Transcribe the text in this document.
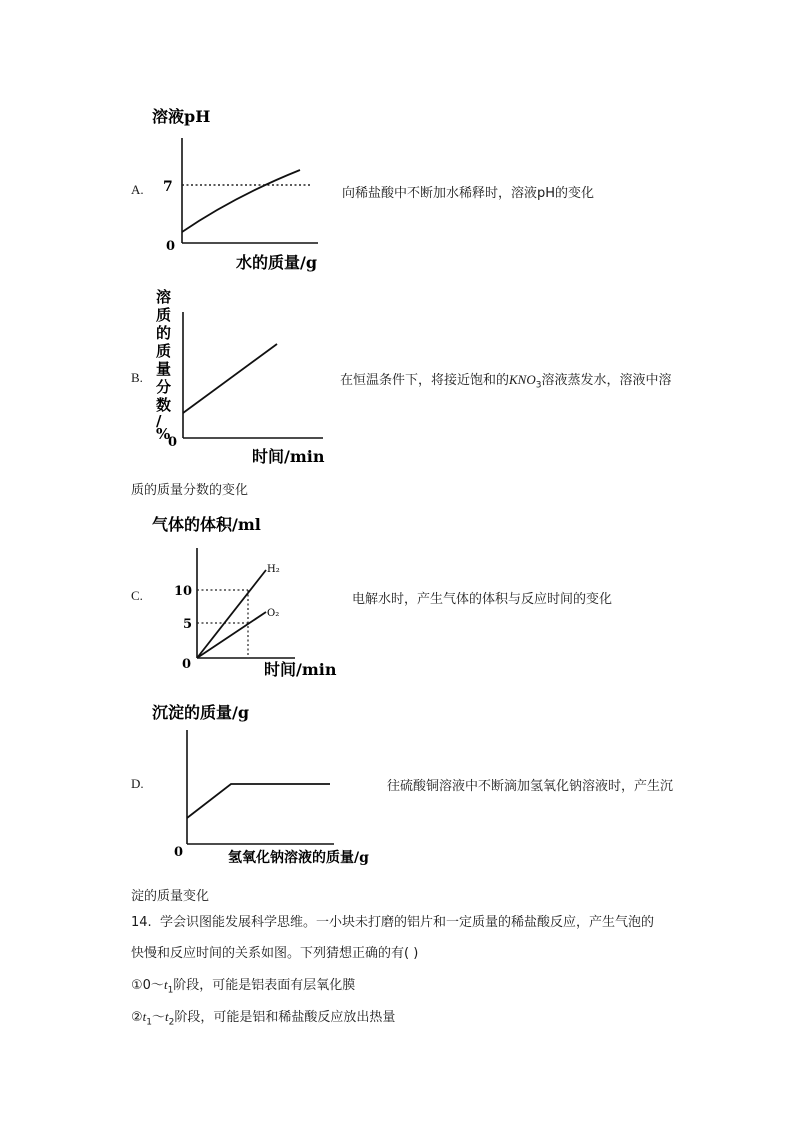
A.
溶液pH
7
0
水的质量/g
向稀盐酸中不断加水稀释时，溶液pH的变化
B.
溶
质
的
质
量
分
数
/
%
0
时间/min
在恒温条件下，将接近饱和的$KNO_3$溶液蒸发水，溶液中溶
质的质量分数的变化
C.
气体的体积/ml
10
5
0
H₂
O₂
时间/min
电解水时，产生气体的体积与反应时间的变化
D.
沉淀的质量/g
0	氢氧化钠溶液的质量/g
往硫酸铜溶液中不断滴加氢氧化钠溶液时，产生沉
淀的质量变化
14. 学会识图能发展科学思维。一小块未打磨的铝片和一定质量的稀盐酸反应，产生气泡的
快慢和反应时间的关系如图。下列猜想正确的有( )
$①0\sim t_1$阶段，可能是铝表面有层氧化膜
$②t_1\sim t_2$阶段，可能是铝和稀盐酸反应放出热量
